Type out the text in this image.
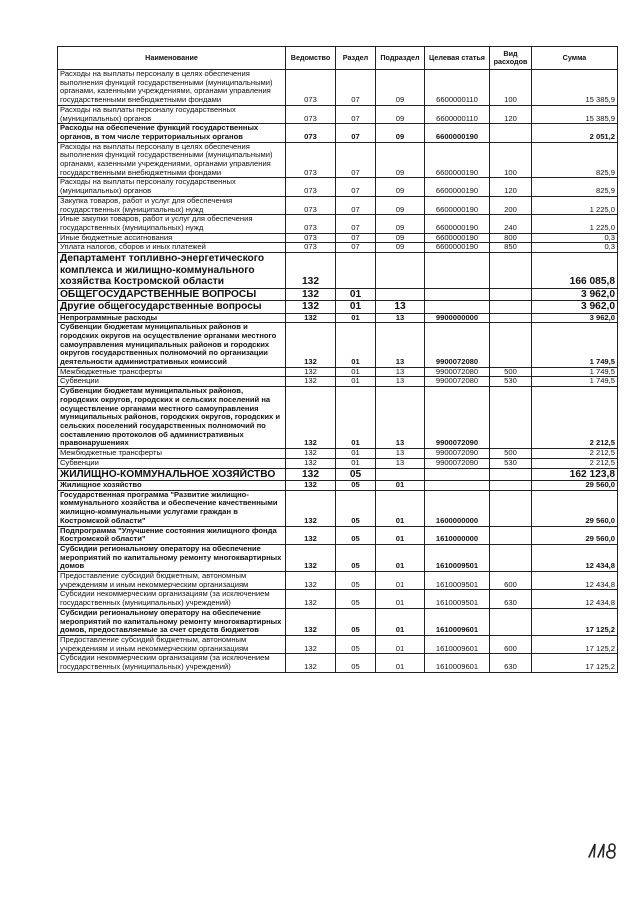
Наименование	Ведомство	Раздел	Подраздел	Целевая статья	Вид расходов	Сумма
Расходы на выплаты персоналу в целях обеспечения выполнения функций государственными (муниципальными) органами, казенными учреждениями, органами управления государственными внебюджетными фондами	073	07	09	6600000110	100	15 385,9
Расходы на выплаты персоналу государственных (муниципальных) органов	073	07	09	6600000110	120	15 385,9
Расходы на обеспечение функций государственных органов, в том числе территориальных органов	073	07	09	6600000190		2 051,2
Расходы на выплаты персоналу в целях обеспечения выполнения функций государственными (муниципальными) органами, казенными учреждениями, органами управления государственными внебюджетными фондами	073	07	09	6600000190	100	825,9
Расходы на выплаты персоналу государственных (муниципальных) органов	073	07	09	6600000190	120	825,9
Закупка товаров, работ и услуг для обеспечения государственных (муниципальных) нужд	073	07	09	6600000190	200	1 225,0
Иные закупки товаров, работ и услуг для обеспечения государственных (муниципальных) нужд	073	07	09	6600000190	240	1 225,0
Иные бюджетные ассигнования	073	07	09	6600000190	800	0,3
Уплата налогов, сборов и иных платежей	073	07	09	6600000190	850	0,3
Департамент топливно-энергетического комплекса и жилищно-коммунального хозяйства Костромской области	132					166 085,8
ОБЩЕГОСУДАРСТВЕННЫЕ ВОПРОСЫ	132	01				3 962,0
Другие общегосударственные вопросы	132	01	13			3 962,0
Непрограммные расходы	132	01	13	9900000000		3 962,0
Субвенции бюджетам муниципальных районов и городских округов на осуществление органами местного самоуправления муниципальных районов и городских округов государственных полномочий по организации деятельности административных комиссий	132	01	13	9900072080		1 749,5
Межбюджетные трансферты	132	01	13	9900072080	500	1 749,5
Субвенции	132	01	13	9900072080	530	1 749,5
Субвенции бюджетам муниципальных районов, городских округов, городских и сельских поселений на осуществление органами местного самоуправления муниципальных районов, городских округов, городских и сельских поселений государственных полномочий по составлению протоколов об административных правонарушениях	132	01	13	9900072090		2 212,5
Межбюджетные трансферты	132	01	13	9900072090	500	2 212,5
Субвенции	132	01	13	9900072090	530	2 212,5
ЖИЛИЩНО-КОММУНАЛЬНОЕ ХОЗЯЙСТВО	132	05				162 123,8
Жилищное хозяйство	132	05	01			29 560,0
Государственная программа "Развитие жилищно-коммунального хозяйства и обеспечение качественными жилищно-коммунальными услугами граждан в Костромской области"	132	05	01	1600000000		29 560,0
Подпрограмма "Улучшение состояния жилищного фонда Костромской области"	132	05	01	1610000000		29 560,0
Субсидии региональному оператору на обеспечение мероприятий по капитальному ремонту многоквартирных домов	132	05	01	1610009501		12 434,8
Предоставление субсидий бюджетным, автономным учреждениям и иным некоммерческим организациям	132	05	01	1610009501	600	12 434,8
Субсидии некоммерческим организациям (за исключением государственных (муниципальных) учреждений)	132	05	01	1610009501	630	12 434,8
Субсидии региональному оператору на обеспечение мероприятий по капитальному ремонту многоквартирных домов, предоставляемые за счет средств бюджетов	132	05	01	1610009601		17 125,2
Предоставление субсидий бюджетным, автономным учреждениям и иным некоммерческим организациям	132	05	01	1610009601	600	17 125,2
Субсидии некоммерческим организациям (за исключением государственных (муниципальных) учреждений)	132	05	01	1610009601	630	17 125,2
